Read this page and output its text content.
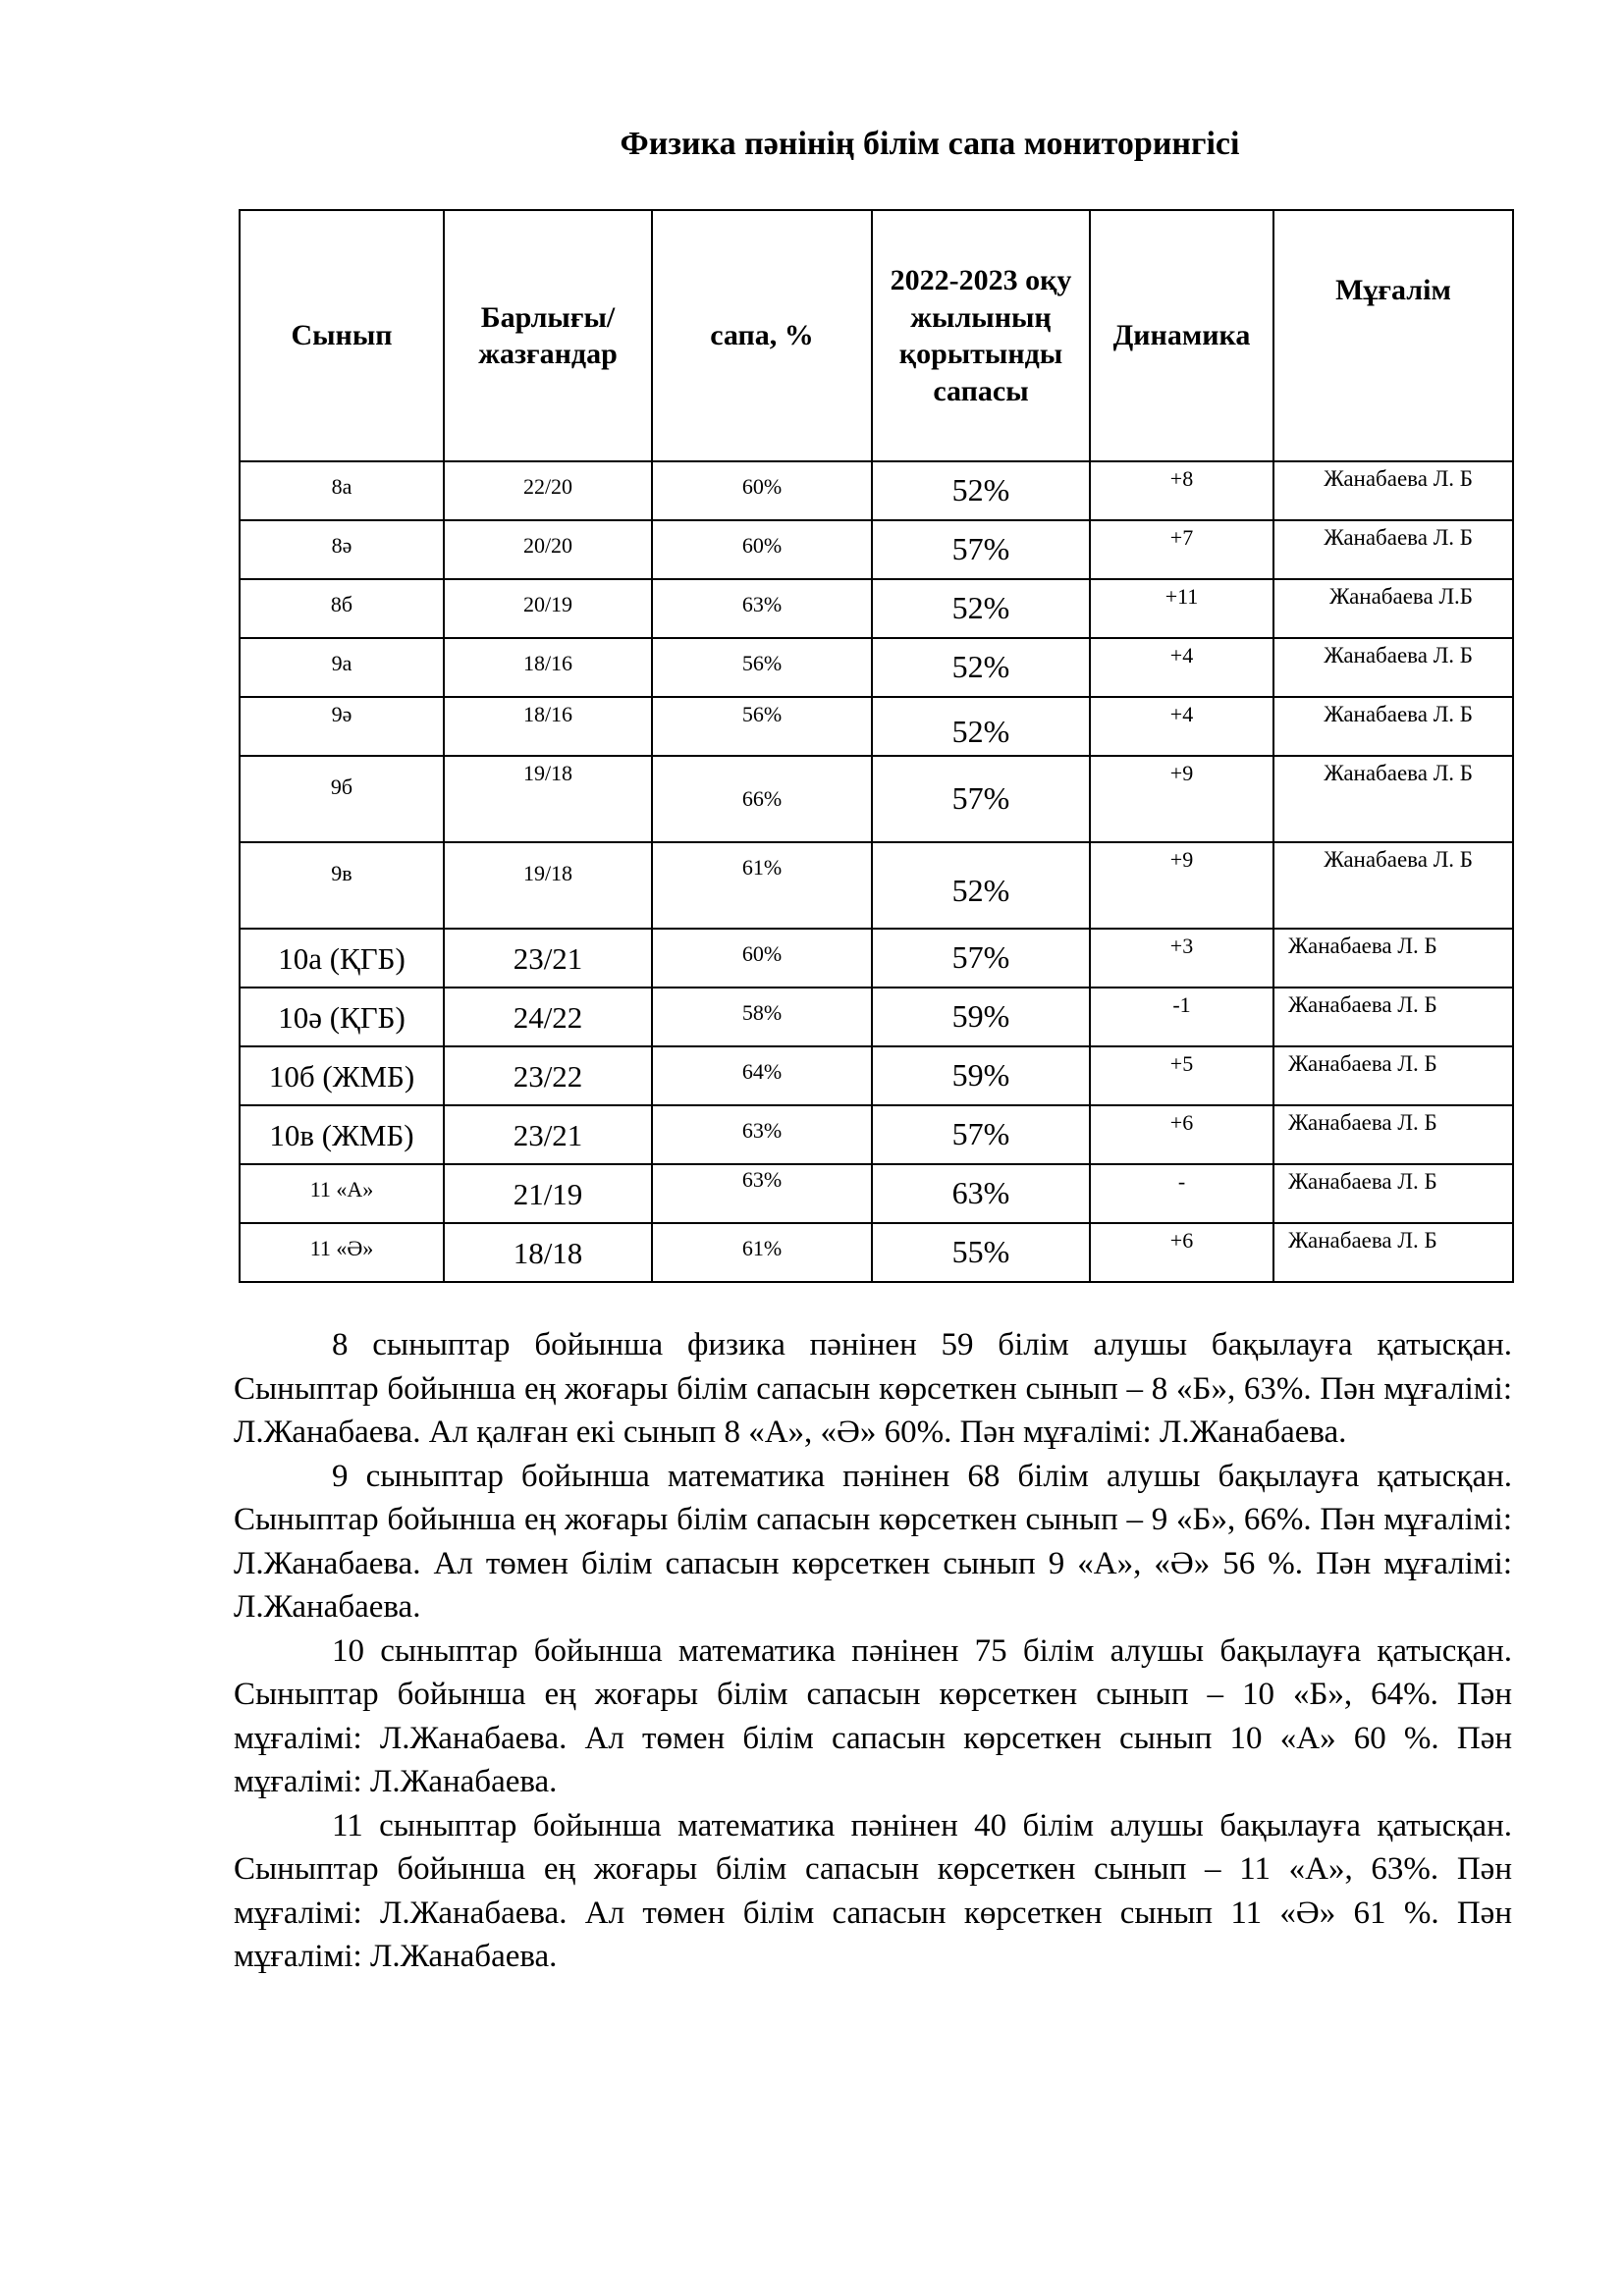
Физика пәнінің білім сапа мониторингісі
Сынып	Барлығы/ жазғандар	сапа, %	2022-2023 оқу жылының қорытынды сапасы	Динамика	Мұғалім

8а	22/20	60%	52%	+8	Жанабаева Л. Б

8ә	20/20	60%	57%	+7	Жанабаева Л. Б

8б	20/19	63%	52%	+11	Жанабаева Л.Б

9а	18/16	56%	52%	+4	Жанабаева Л. Б

9ә	18/16	56%	52%	+4	Жанабаева Л. Б

9б	19/18	66%	57%	+9	Жанабаева Л. Б

9в	19/18	61%	52%	+9	Жанабаева Л. Б

10а (ҚГБ)	23/21	60%	57%	+3	Жанабаева Л. Б

10ә (ҚГБ)	24/22	58%	59%	-1	Жанабаева Л. Б

10б (ЖМБ)	23/22	64%	59%	+5	Жанабаева Л. Б

10в (ЖМБ)	23/21	63%	57%	+6	Жанабаева Л. Б

11 «А»	21/19	63%	63%	-	Жанабаева Л. Б

11 «Ә»	18/18	61%	55%	+6	Жанабаева Л. Б

8 сыныптар бойынша физика пәнінен 59 білім алушы бақылауға қатысқан. Сыныптар бойынша ең жоғары білім сапасын көрсеткен сынып – 8 «Б», 63%. Пән мұғалімі: Л.Жанабаева. Ал қалған екі сынып 8 «А», «Ә» 60%. Пән мұғалімі: Л.Жанабаева.

9 сыныптар бойынша математика пәнінен 68 білім алушы бақылауға қатысқан. Сыныптар бойынша ең жоғары білім сапасын көрсеткен сынып – 9 «Б», 66%. Пән мұғалімі: Л.Жанабаева. Ал төмен білім сапасын көрсеткен сынып 9 «А», «Ә» 56 %. Пән мұғалімі: Л.Жанабаева.

10 сыныптар бойынша математика пәнінен 75 білім алушы бақылауға қатысқан. Сыныптар бойынша ең жоғары білім сапасын көрсеткен сынып – 10 «Б», 64%. Пән мұғалімі: Л.Жанабаева. Ал төмен білім сапасын көрсеткен сынып 10 «А» 60 %. Пән мұғалімі: Л.Жанабаева.

11 сыныптар бойынша математика пәнінен 40 білім алушы бақылауға қатысқан. Сыныптар бойынша ең жоғары білім сапасын көрсеткен сынып – 11 «А», 63%. Пән мұғалімі: Л.Жанабаева. Ал төмен білім сапасын көрсеткен сынып 11 «Ә» 61 %. Пән мұғалімі: Л.Жанабаева.
